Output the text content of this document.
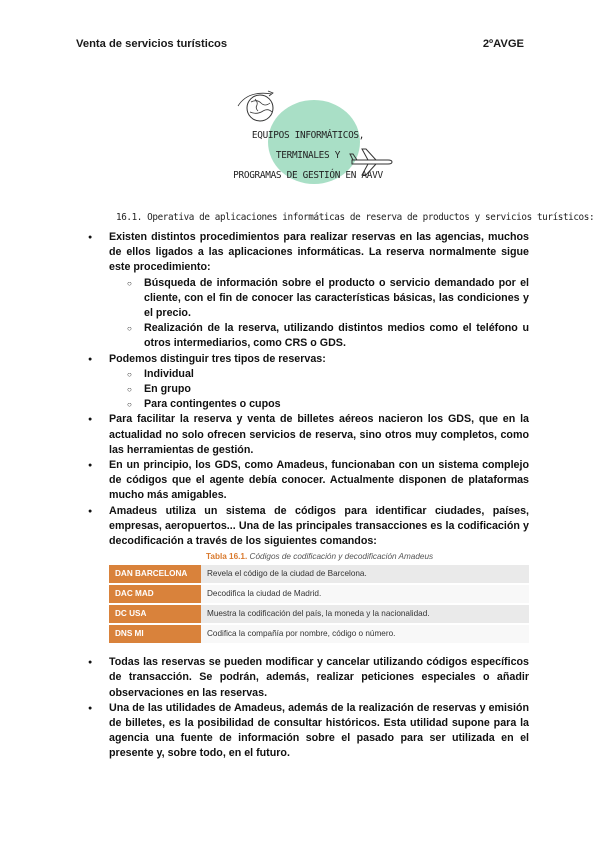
Venta de servicios turísticos	2ºAVGE
EQUIPOS INFORMÁTICOS, TERMINALES Y
PROGRAMAS DE GESTIÓN EN AAVV
16.1. Operativa de aplicaciones informáticas de reserva de productos y servicios turísticos:
● Existen distintos procedimientos para realizar reservas en las agencias, muchos de ellos ligados a las aplicaciones informáticas. La reserva normalmente sigue este procedimiento:
○ Búsqueda de información sobre el producto o servicio demandado por el cliente, con el fin de conocer las características básicas, las condiciones y el precio.
○ Realización de la reserva, utilizando distintos medios como el teléfono u otros intermediarios, como CRS o GDS.
● Podemos distinguir tres tipos de reservas:
○ Individual
○ En grupo
○ Para contingentes o cupos
● Para facilitar la reserva y venta de billetes aéreos nacieron los GDS, que en la actualidad no solo ofrecen servicios de reserva, sino otros muy completos, como las herramientas de gestión.
● En un principio, los GDS, como Amadeus, funcionaban con un sistema complejo de códigos que el agente debía conocer. Actualmente disponen de plataformas mucho más amigables.
● Amadeus utiliza un sistema de códigos para identificar ciudades, países, empresas, aeropuertos... Una de las principales transacciones es la codificación y decodificación a través de los siguientes comandos:
Tabla 16.1. Códigos de codificación y decodificación Amadeus
DAN BARCELONA	Revela el código de la ciudad de Barcelona.
DAC MAD	Decodifica la ciudad de Madrid.
DC USA	Muestra la codificación del país, la moneda y la nacionalidad.
DNS MI	Codifica la compañía por nombre, código o número.
● Todas las reservas se pueden modificar y cancelar utilizando códigos específicos de transacción. Se podrán, además, realizar peticiones especiales o añadir observaciones en las reservas.
● Una de las utilidades de Amadeus, además de la realización de reservas y emisión de billetes, es la posibilidad de consultar históricos. Esta utilidad supone para la agencia una fuente de información sobre el pasado para ser utilizada en el presente y, sobre todo, en el futuro.
